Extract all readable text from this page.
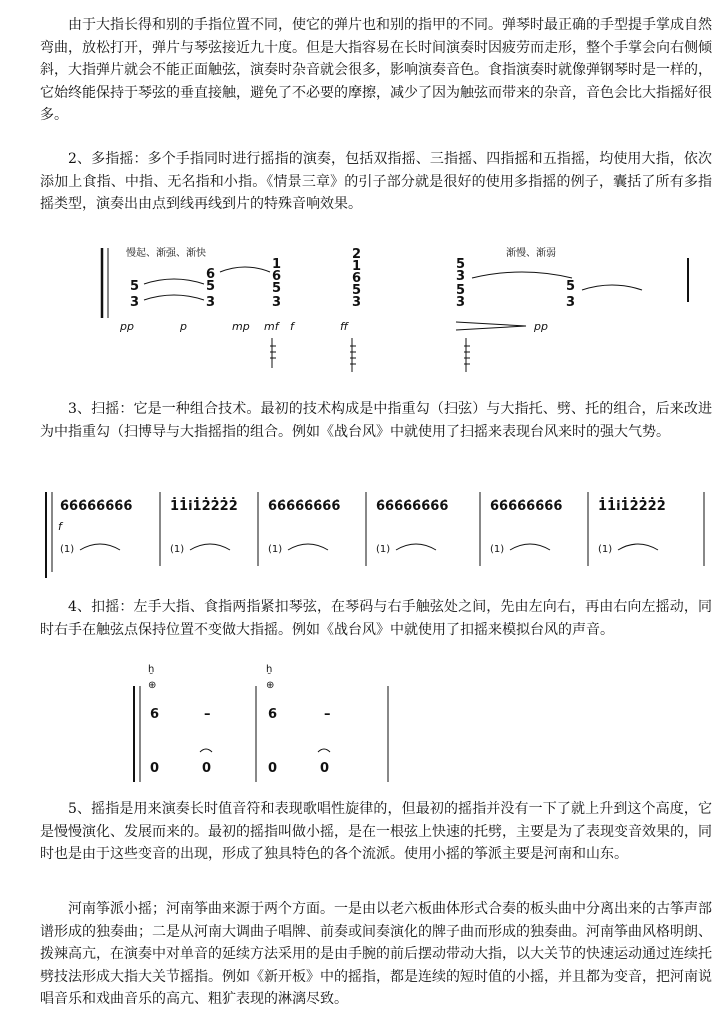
由于大指长得和别的手指位置不同，使它的弹片也和别的指甲的不同。弹琴时最正确的手型提手掌成自然弯曲，放松打开，弹片与琴弦接近九十度。但是大指容易在长时间演奏时因疲劳而走形，整个手掌会向右侧倾斜，大指弹片就会不能正面触弦，演奏时杂音就会很多，影响演奏音色。食指演奏时就像弹钢琴时是一样的，它始终能保持于琴弦的垂直接触，避免了不必要的摩擦，减少了因为触弦而带来的杂音，音色会比大指摇好很多。

2、多指摇：多个手指同时进行摇指的演奏，包括双指摇、三指摇、四指摇和五指摇，均使用大指，依次添加上食指、中指、无名指和小指。《情景三章》的引子部分就是很好的使用多指摇的例子，囊括了所有多指摇类型，演奏出由点到线再线到片的特殊音响效果。

慢起、渐强、渐快	渐慢、渐弱
5
3
6
5
3
1
6
5
3
2
1
6
5
3
5
3
5
3
5
3
pp	p	mp mf f	ff	pp

3、扫摇：它是一种组合技术。最初的技术构成是中指重勾（扫弦）与大指托、劈、托的组合，后来改进为中指重勾（扫博导与大指摇指的组合。例如《战台风》中就使用了扫摇来表现台风来时的强大气势。

6̇6̇6̇6̇6̇6̇6̇6̇	1̇1̇i1̇2̇2̇2̇2̇ 6̇6̇6̇6̇6̇6̇6̇6̇	6̇6̇6̇6̇6̇6̇6̇6̇	6̇6̇6̇6̇6̇6̇6̇6̇	1̇1̇i1̇2̇2̇2̇2̇
f
(1)	(1)	(1)	(1)	(1)	(1)

4、扣摇：左手大指、食指两指紧扣琴弦，在琴码与右手触弦处之间，先由左向右，再由右向左摇动，同时右手在触弦点保持位置不变做大指摇。例如《战台风》中就使用了扣摇来模拟台风的声音。

ḫ
⊕
6	–
ḫ
⊕
6	–
0	0	0	0

5、摇指是用来演奏长时值音符和表现歌唱性旋律的，但最初的摇指并没有一下了就上升到这个高度，它是慢慢演化、发展而来的。最初的摇指叫做小摇，是在一根弦上快速的托劈，主要是为了表现变音效果的，同时也是由于这些变音的出现，形成了独具特色的各个流派。使用小摇的筝派主要是河南和山东。

河南筝派小摇；河南筝曲来源于两个方面。一是由以老六板曲体形式合奏的板头曲中分离出来的古筝声部谱形成的独奏曲；二是从河南大调曲子唱牌、前奏或间奏演化的牌子曲而形成的独奏曲。河南筝曲风格明朗、拨辣高亢，在演奏中对单音的延续方法采用的是由手腕的前后摆动带动大指，以大关节的快速运动通过连续托劈技法形成大指大关节摇指。例如《新开板》中的摇指，都是连续的短时值的小摇，并且都为变音，把河南说唱音乐和戏曲音乐的高亢、粗犷表现的淋漓尽致。
